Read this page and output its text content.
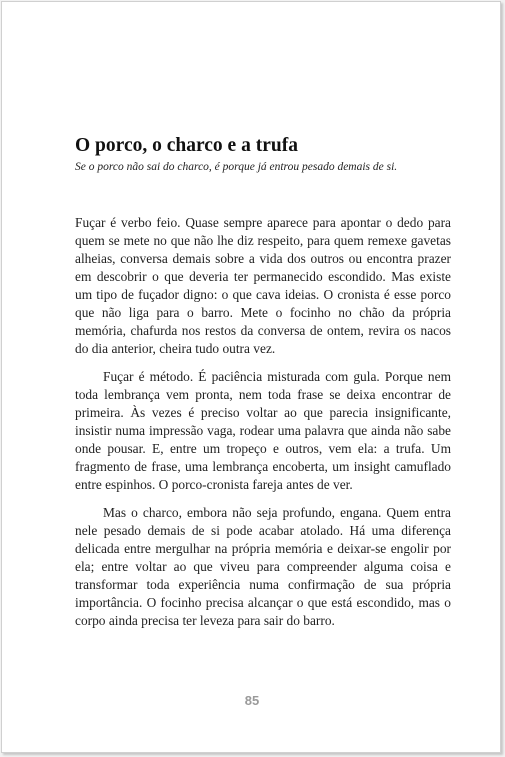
O porco, o charco e a trufa

Se o porco não sai do charco, é porque já entrou pesado demais de si.

Fuçar é verbo feio. Quase sempre aparece para apontar o dedo para quem se mete no que não lhe diz respeito, para quem remexe gavetas alheias, conversa demais sobre a vida dos outros ou encontra prazer em descobrir o que deveria ter permanecido escondido. Mas existe um tipo de fuçador digno: o que cava ideias. O cronista é esse porco que não liga para o barro. Mete o focinho no chão da própria memória, chafurda nos restos da conversa de ontem, revira os nacos do dia anterior, cheira tudo outra vez.

Fuçar é método. É paciência misturada com gula. Porque nem toda lembrança vem pronta, nem toda frase se deixa encontrar de primeira. Às vezes é preciso voltar ao que parecia insignificante, insistir numa impressão vaga, rodear uma palavra que ainda não sabe onde pousar. E, entre um tropeço e outros, vem ela: a trufa. Um fragmento de frase, uma lembrança encoberta, um insight camuflado entre espinhos. O porco-cronista fareja antes de ver.

Mas o charco, embora não seja profundo, engana. Quem entra nele pesado demais de si pode acabar atolado. Há uma diferença delicada entre mergulhar na própria memória e deixar-se engolir por ela; entre voltar ao que viveu para compreender alguma coisa e transformar toda experiência numa confirmação de sua própria importância. O focinho precisa alcançar o que está escondido, mas o corpo ainda precisa ter leveza para sair do barro.

85
